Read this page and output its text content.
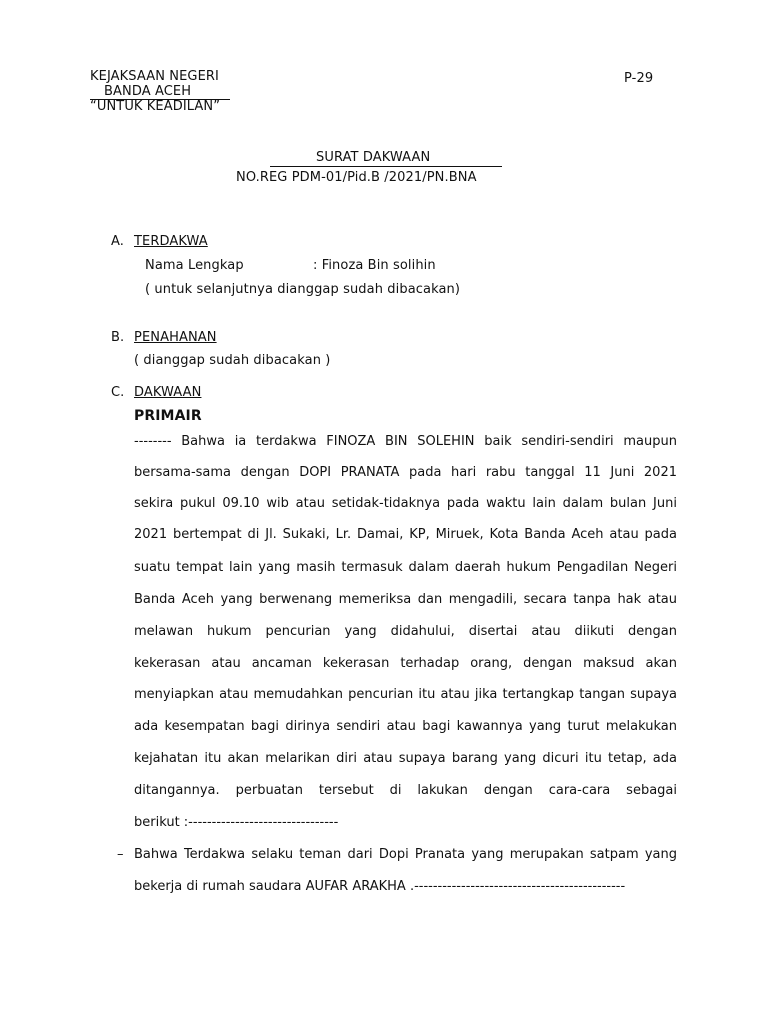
KEJAKSAAN NEGERI
BANDA ACEH
“UNTUK KEADILAN”
P-29
SURAT DAKWAAN
NO.REG PDM-01/Pid.B /2021/PN.BNA
A. TERDAKWA
Nama Lengkap	: Finoza Bin solihin
( untuk selanjutnya dianggap sudah dibacakan)
B. PENAHANAN
( dianggap sudah dibacakan )
C. DAKWAAN
PRIMAIR
-------- Bahwa ia terdakwa FINOZA BIN SOLEHIN baik sendiri-sendiri maupun
bersama-sama dengan DOPI PRANATA pada hari rabu tanggal 11 Juni 2021
sekira pukul 09.10 wib atau setidak-tidaknya pada waktu lain dalam bulan Juni
2021 bertempat di Jl. Sukaki, Lr. Damai, KP, Miruek, Kota Banda Aceh atau pada
suatu tempat lain yang masih termasuk dalam daerah hukum Pengadilan Negeri
Banda Aceh yang berwenang memeriksa dan mengadili, secara tanpa hak atau
melawan hukum pencurian yang didahului, disertai atau diikuti dengan
kekerasan atau ancaman kekerasan terhadap orang, dengan maksud akan
menyiapkan atau memudahkan pencurian itu atau jika tertangkap tangan supaya
ada kesempatan bagi dirinya sendiri atau bagi kawannya yang turut melakukan
kejahatan itu akan melarikan diri atau supaya barang yang dicuri itu tetap, ada
ditangannya. perbuatan tersebut di lakukan dengan cara-cara sebagai
berikut :--------------------------------
– Bahwa Terdakwa selaku teman dari Dopi Pranata yang merupakan satpam yang
bekerja di rumah saudara AUFAR ARAKHA .---------------------------------------------
